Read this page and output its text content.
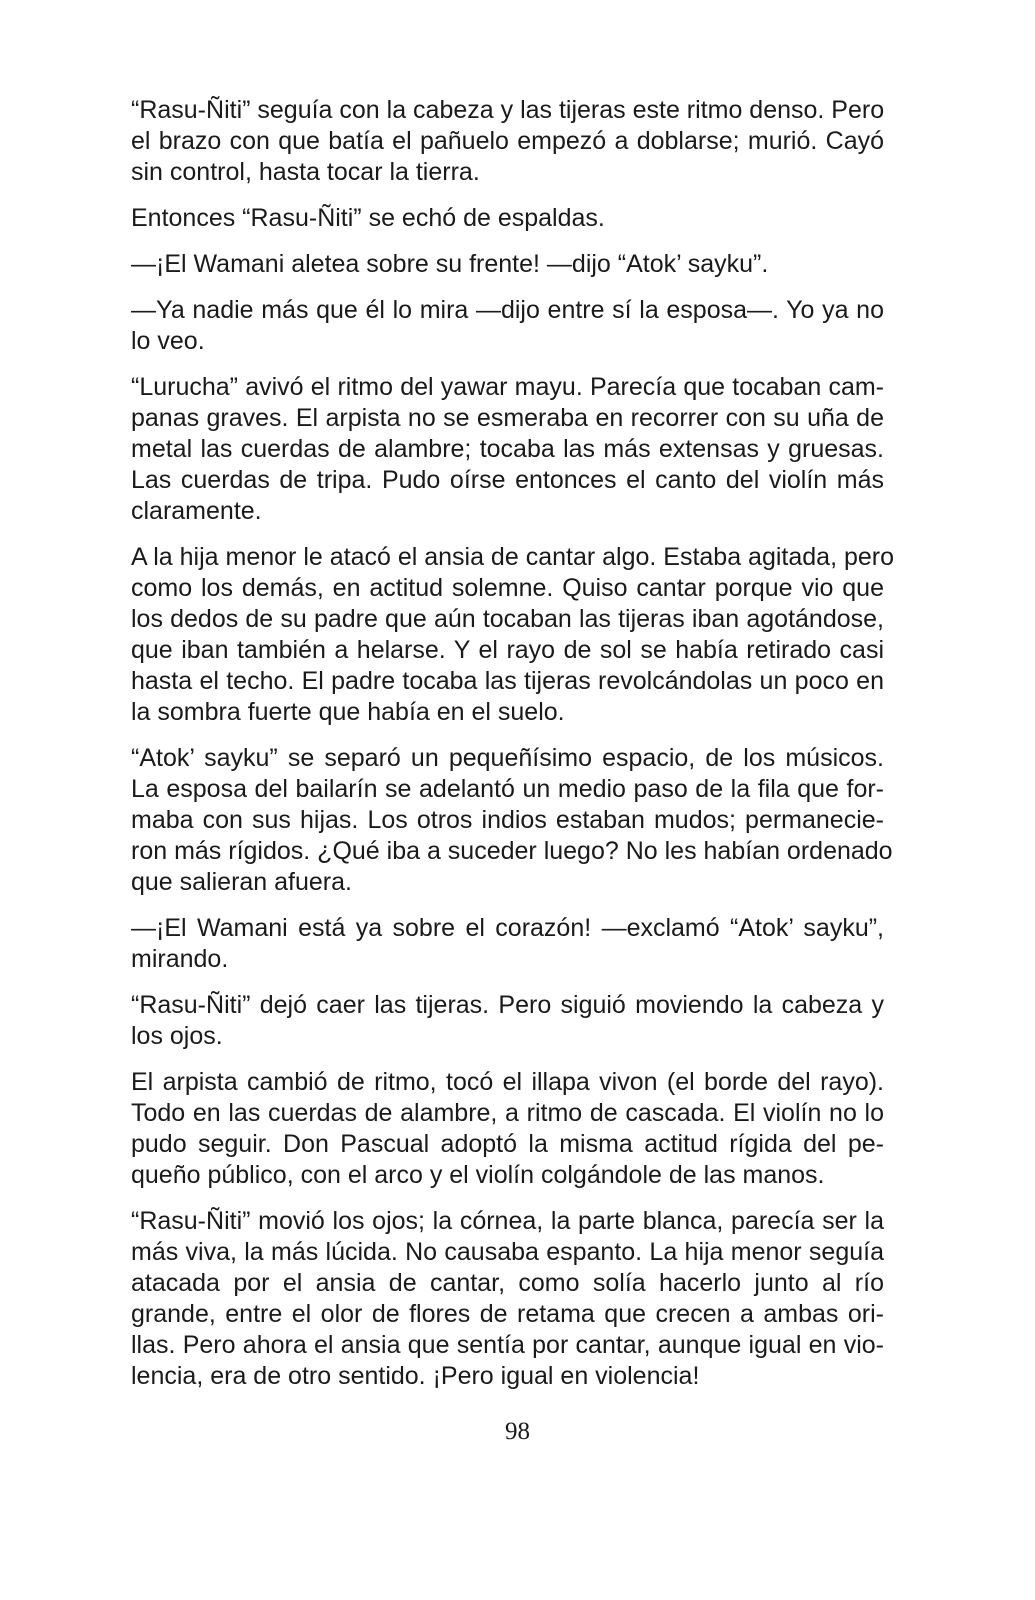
“Rasu-Ñiti” seguía con la cabeza y las tijeras este ritmo denso. Pero
el brazo con que batía el pañuelo empezó a doblarse; murió. Cayó
sin control, hasta tocar la tierra.

Entonces “Rasu-Ñiti” se echó de espaldas.

—¡El Wamani aletea sobre su frente! —dijo “Atok’ sayku”.

—Ya nadie más que él lo mira —dijo entre sí la esposa—. Yo ya no
lo veo.

“Lurucha” avivó el ritmo del yawar mayu. Parecía que tocaban cam-
panas graves. El arpista no se esmeraba en recorrer con su uña de
metal las cuerdas de alambre; tocaba las más extensas y gruesas.
Las cuerdas de tripa. Pudo oírse entonces el canto del violín más
claramente.

A la hija menor le atacó el ansia de cantar algo. Estaba agitada, pero
como los demás, en actitud solemne. Quiso cantar porque vio que
los dedos de su padre que aún tocaban las tijeras iban agotándose,
que iban también a helarse. Y el rayo de sol se había retirado casi
hasta el techo. El padre tocaba las tijeras revolcándolas un poco en
la sombra fuerte que había en el suelo.

“Atok’ sayku” se separó un pequeñísimo espacio, de los músicos.
La esposa del bailarín se adelantó un medio paso de la fila que for-
maba con sus hijas. Los otros indios estaban mudos; permanecie-
ron más rígidos. ¿Qué iba a suceder luego? No les habían ordenado
que salieran afuera.

—¡El Wamani está ya sobre el corazón! —exclamó “Atok’ sayku”,
mirando.

“Rasu-Ñiti” dejó caer las tijeras. Pero siguió moviendo la cabeza y
los ojos.

El arpista cambió de ritmo, tocó el illapa vivon (el borde del rayo).
Todo en las cuerdas de alambre, a ritmo de cascada. El violín no lo
pudo seguir. Don Pascual adoptó la misma actitud rígida del pe-
queño público, con el arco y el violín colgándole de las manos.

“Rasu-Ñiti” movió los ojos; la córnea, la parte blanca, parecía ser la
más viva, la más lúcida. No causaba espanto. La hija menor seguía
atacada por el ansia de cantar, como solía hacerlo junto al río
grande, entre el olor de flores de retama que crecen a ambas ori-
llas. Pero ahora el ansia que sentía por cantar, aunque igual en vio-
lencia, era de otro sentido. ¡Pero igual en violencia!

98
